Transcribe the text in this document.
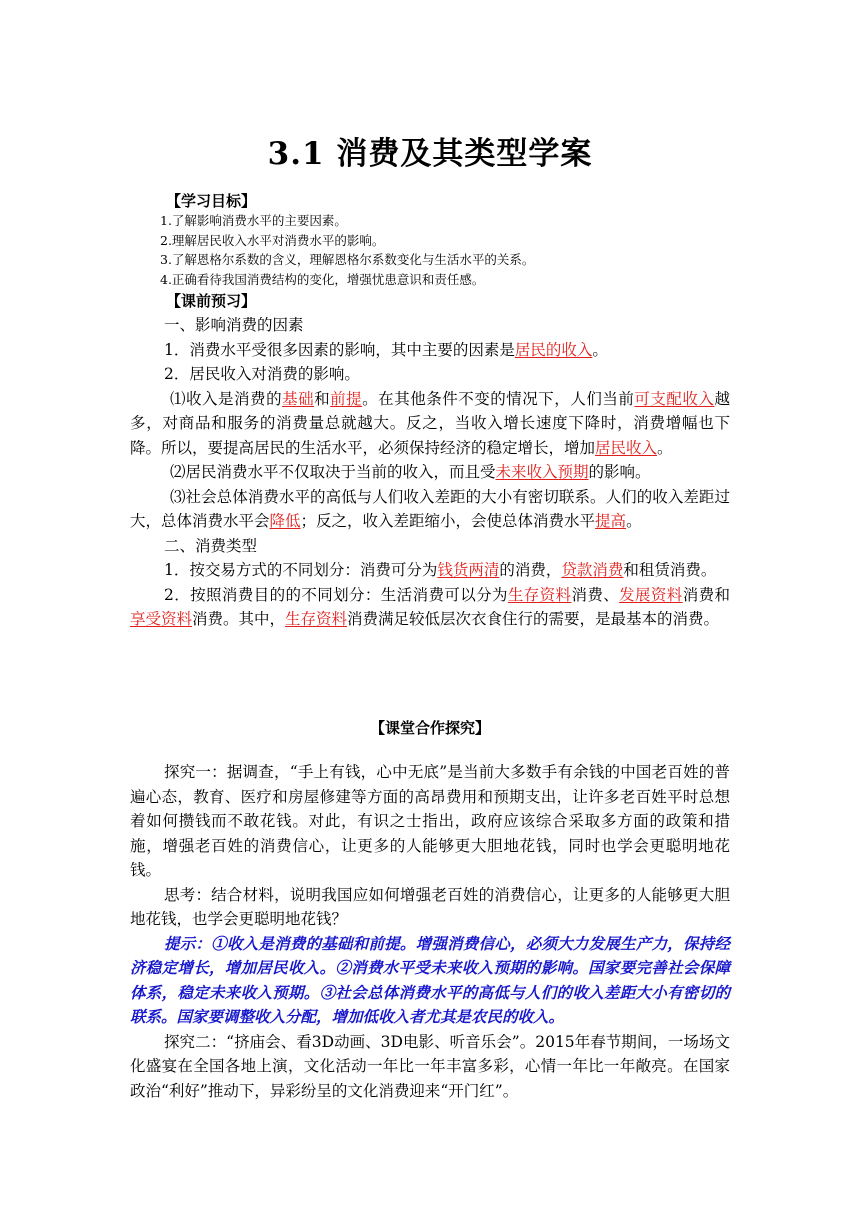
3.1 消费及其类型学案
【学习目标】
1.了解影响消费水平的主要因素。
2.理解居民收入水平对消费水平的影响。
3.了解恩格尔系数的含义，理解恩格尔系数变化与生活水平的关系。
4.正确看待我国消费结构的变化，增强忧患意识和责任感。
【课前预习】
一、影响消费的因素
1．消费水平受很多因素的影响，其中主要的因素是居民的收入。
2．居民收入对消费的影响。
⑴收入是消费的基础和前提。在其他条件不变的情况下，人们当前可支配收入越多，对商品和服务的消费量总就越大。反之，当收入增长速度下降时，消费增幅也下降。所以，要提高居民的生活水平，必须保持经济的稳定增长，增加居民收入。
⑵居民消费水平不仅取决于当前的收入，而且受未来收入预期的影响。
⑶社会总体消费水平的高低与人们收入差距的大小有密切联系。人们的收入差距过大，总体消费水平会降低；反之，收入差距缩小，会使总体消费水平提高。
二、消费类型
1．按交易方式的不同划分：消费可分为钱货两清的消费，贷款消费和租赁消费。
2．按照消费目的的不同划分：生活消费可以分为生存资料消费、发展资料消费和享受资料消费。其中，生存资料消费满足较低层次衣食住行的需要，是最基本的消费。
【课堂合作探究】
探究一：据调查，“手上有钱，心中无底”是当前大多数手有余钱的中国老百姓的普遍心态，教育、医疗和房屋修建等方面的高昂费用和预期支出，让许多老百姓平时总想着如何攒钱而不敢花钱。对此，有识之士指出，政府应该综合采取多方面的政策和措施，增强老百姓的消费信心，让更多的人能够更大胆地花钱，同时也学会更聪明地花钱。
思考：结合材料，说明我国应如何增强老百姓的消费信心，让更多的人能够更大胆地花钱，也学会更聪明地花钱？
提示：①收入是消费的基础和前提。增强消费信心，必须大力发展生产力，保持经济稳定增长，增加居民收入。②消费水平受未来收入预期的影响。国家要完善社会保障体系，稳定未来收入预期。③社会总体消费水平的高低与人们的收入差距大小有密切的联系。国家要调整收入分配，增加低收入者尤其是农民的收入。
探究二：“挤庙会、看3D动画、3D电影、听音乐会”。2015年春节期间，一场场文化盛宴在全国各地上演，文化活动一年比一年丰富多彩，心情一年比一年敞亮。在国家政治“利好”推动下，异彩纷呈的文化消费迎来“开门红”。
